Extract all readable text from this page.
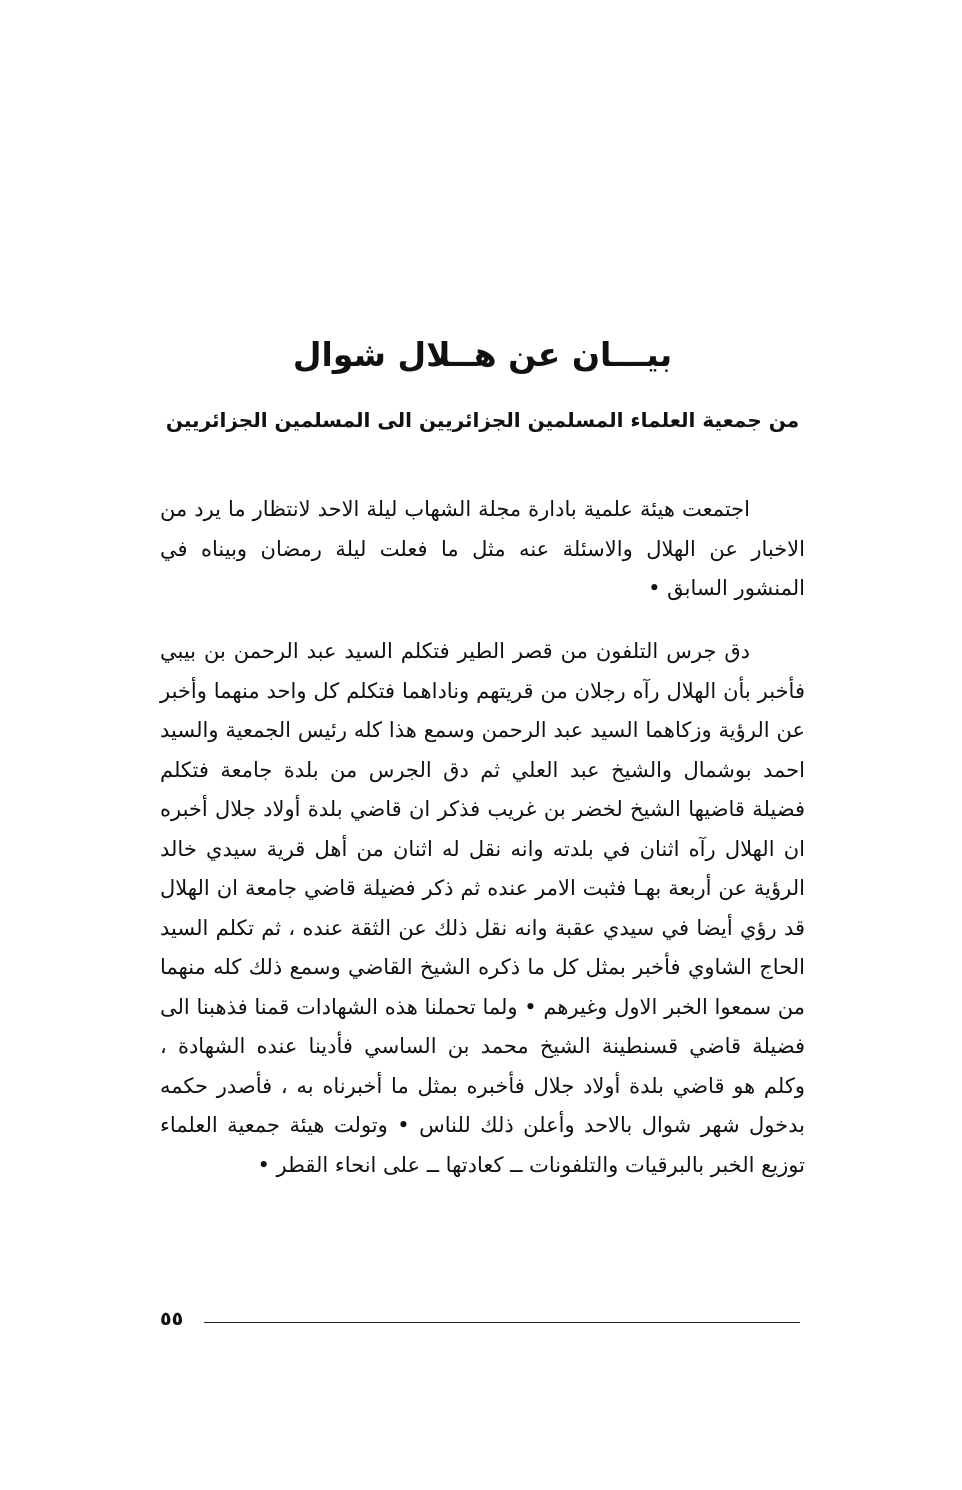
بيـــان عن هــلال شوال
من جمعية العلماء المسلمين الجزائريين الى المسلمين الجزائريين

اجتمعت هيئة علمية بادارة مجلة الشهاب ليلة الاحد لانتظار ما يرد من الاخبار عن الهلال والاسئلة عنه مثل ما فعلت ليلة رمضان وبيناه في المنشور السابق •

دق جرس التلفون من قصر الطير فتكلم السيد عبد الرحمن بن بيبي فأخبر بأن الهلال رآه رجلان من قريتهم وناداهما فتكلم كل واحد منهما وأخبر عن الرؤية وزكاهما السيد عبد الرحمن وسمع هذا كله رئيس الجمعية والسيد احمد بوشمال والشيخ عبد العلي ثم دق الجرس من بلدة جامعة فتكلم فضيلة قاضيها الشيخ لخضر بن غريب فذكر ان قاضي بلدة أولاد جلال أخبره ان الهلال رآه اثنان في بلدته وانه نقل له اثنان من أهل قرية سيدي خالد الرؤية عن أربعة بهـا فثبت الامر عنده ثم ذكر فضيلة قاضي جامعة ان الهلال قد رؤي أيضا في سيدي عقبة وانه نقل ذلك عن الثقة عنده ، ثم تكلم السيد الحاج الشاوي فأخبر بمثل كل ما ذكره الشيخ القاضي وسمع ذلك كله منهما من سمعوا الخبر الاول وغيرهم • ولما تحملنا هذه الشهادات قمنا فذهبنا الى فضيلة قاضي قسنطينة الشيخ محمد بن الساسي فأدينا عنده الشهادة ، وكلم هو قاضي بلدة أولاد جلال فأخبره بمثل ما أخبرناه به ، فأصدر حكمه بدخول شهر شوال بالاحد وأعلن ذلك للناس • وتولت هيئة جمعية العلماء توزيع الخبر بالبرقيات والتلفونات ــ كعادتها ــ على انحاء القطر •

٥٥
